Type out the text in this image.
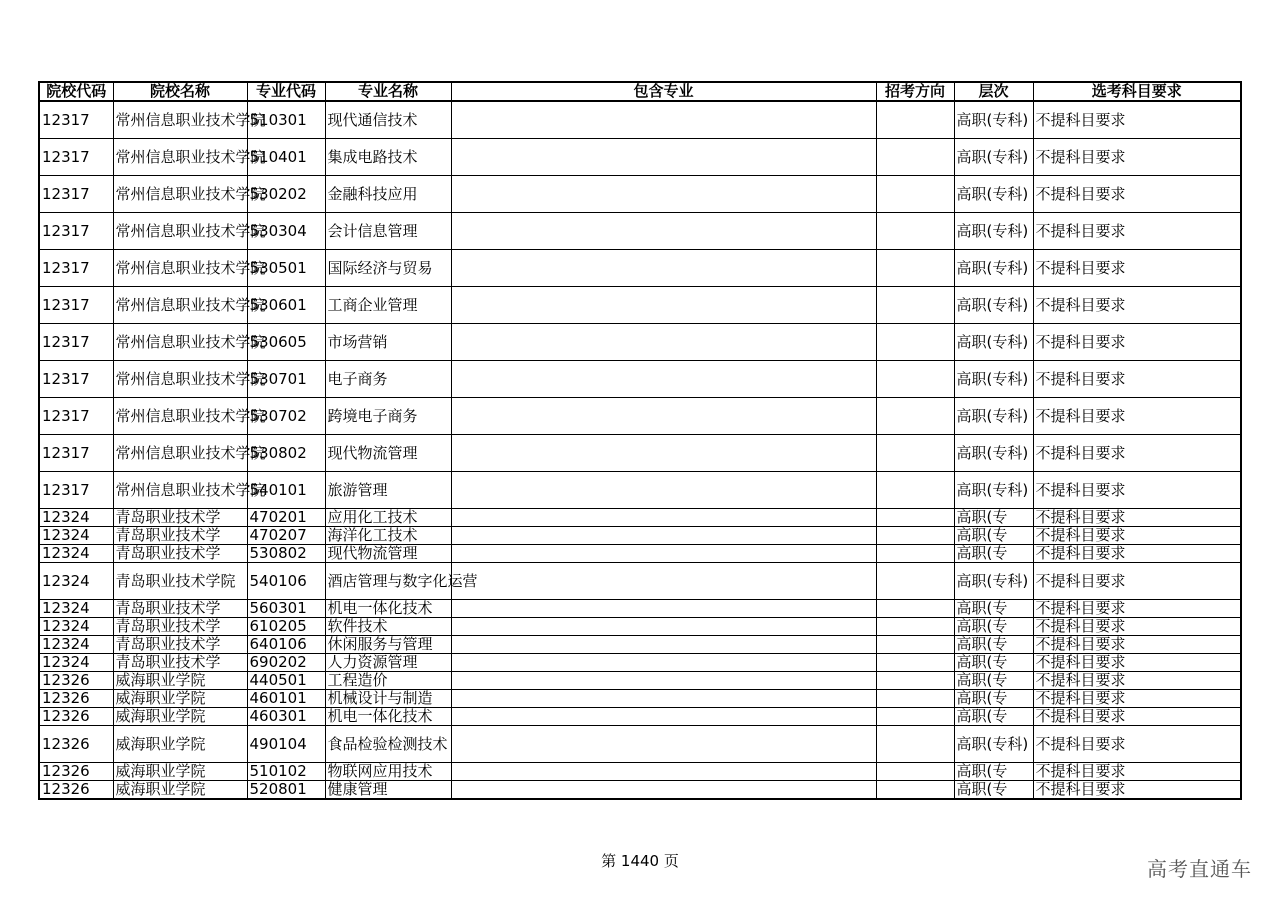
院校代码	院校名称	专业代码	专业名称	包含专业	招考方向	层次	选考科目要求
12317	常州信息职业技术学院	510301	现代通信技术			高职(专科)	不提科目要求
12317	常州信息职业技术学院	510401	集成电路技术			高职(专科)	不提科目要求
12317	常州信息职业技术学院	530202	金融科技应用			高职(专科)	不提科目要求
12317	常州信息职业技术学院	530304	会计信息管理			高职(专科)	不提科目要求
12317	常州信息职业技术学院	530501	国际经济与贸易			高职(专科)	不提科目要求
12317	常州信息职业技术学院	530601	工商企业管理			高职(专科)	不提科目要求
12317	常州信息职业技术学院	530605	市场营销			高职(专科)	不提科目要求
12317	常州信息职业技术学院	530701	电子商务			高职(专科)	不提科目要求
12317	常州信息职业技术学院	530702	跨境电子商务			高职(专科)	不提科目要求
12317	常州信息职业技术学院	530802	现代物流管理			高职(专科)	不提科目要求
12317	常州信息职业技术学院	540101	旅游管理			高职(专科)	不提科目要求
12324	青岛职业技术学	470201	应用化工技术			高职(专	不提科目要求
12324	青岛职业技术学	470207	海洋化工技术			高职(专	不提科目要求
12324	青岛职业技术学	530802	现代物流管理			高职(专	不提科目要求
12324	青岛职业技术学院	540106	酒店管理与数字化运营			高职(专科)	不提科目要求
12324	青岛职业技术学	560301	机电一体化技术			高职(专	不提科目要求
12324	青岛职业技术学	610205	软件技术			高职(专	不提科目要求
12324	青岛职业技术学	640106	休闲服务与管理			高职(专	不提科目要求
12324	青岛职业技术学	690202	人力资源管理			高职(专	不提科目要求
12326	威海职业学院	440501	工程造价			高职(专	不提科目要求
12326	威海职业学院	460101	机械设计与制造			高职(专	不提科目要求
12326	威海职业学院	460301	机电一体化技术			高职(专	不提科目要求
12326	威海职业学院	490104	食品检验检测技术			高职(专科)	不提科目要求
12326	威海职业学院	510102	物联网应用技术			高职(专	不提科目要求
12326	威海职业学院	520801	健康管理			高职(专	不提科目要求
第 1440 页	高考直通车
